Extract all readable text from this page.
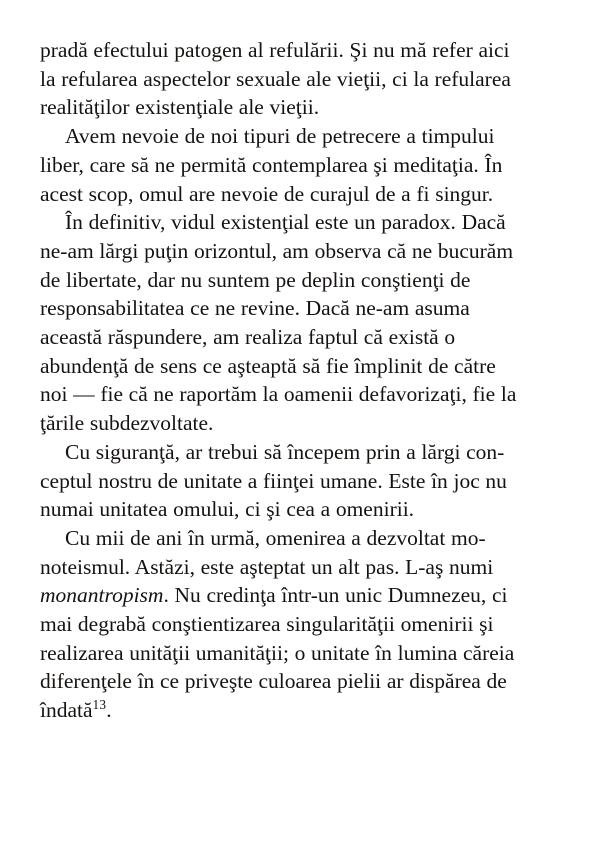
pradă efectului patogen al refulării. Şi nu mă refer aici
la refularea aspectelor sexuale ale vieţii, ci la refularea
realităţilor existenţiale ale vieţii.

Avem nevoie de noi tipuri de petrecere a timpului
liber, care să ne permită contemplarea şi meditaţia. În
acest scop, omul are nevoie de curajul de a fi singur.

În definitiv, vidul existenţial este un paradox. Dacă
ne-am lărgi puţin orizontul, am observa că ne bucurăm
de libertate, dar nu suntem pe deplin conştienţi de
responsabilitatea ce ne revine. Dacă ne-am asuma
această răspundere, am realiza faptul că există o
abundenţă de sens ce aşteaptă să fie împlinit de către
noi — fie că ne raportăm la oamenii defavorizaţi, fie la
ţările subdezvoltate.

Cu siguranţă, ar trebui să începem prin a lărgi con-
ceptul nostru de unitate a fiinţei umane. Este în joc nu
numai unitatea omului, ci şi cea a omenirii.

Cu mii de ani în urmă, omenirea a dezvoltat mo-
noteismul. Astăzi, este aşteptat un alt pas. L-aş numi
monantropism. Nu credinţa într-un unic Dumnezeu, ci
mai degrabă conştientizarea singularităţii omenirii şi
realizarea unităţii umanităţii; o unitate în lumina căreia
diferenţele în ce priveşte culoarea pielii ar dispărea de
îndată$^{13}$.
